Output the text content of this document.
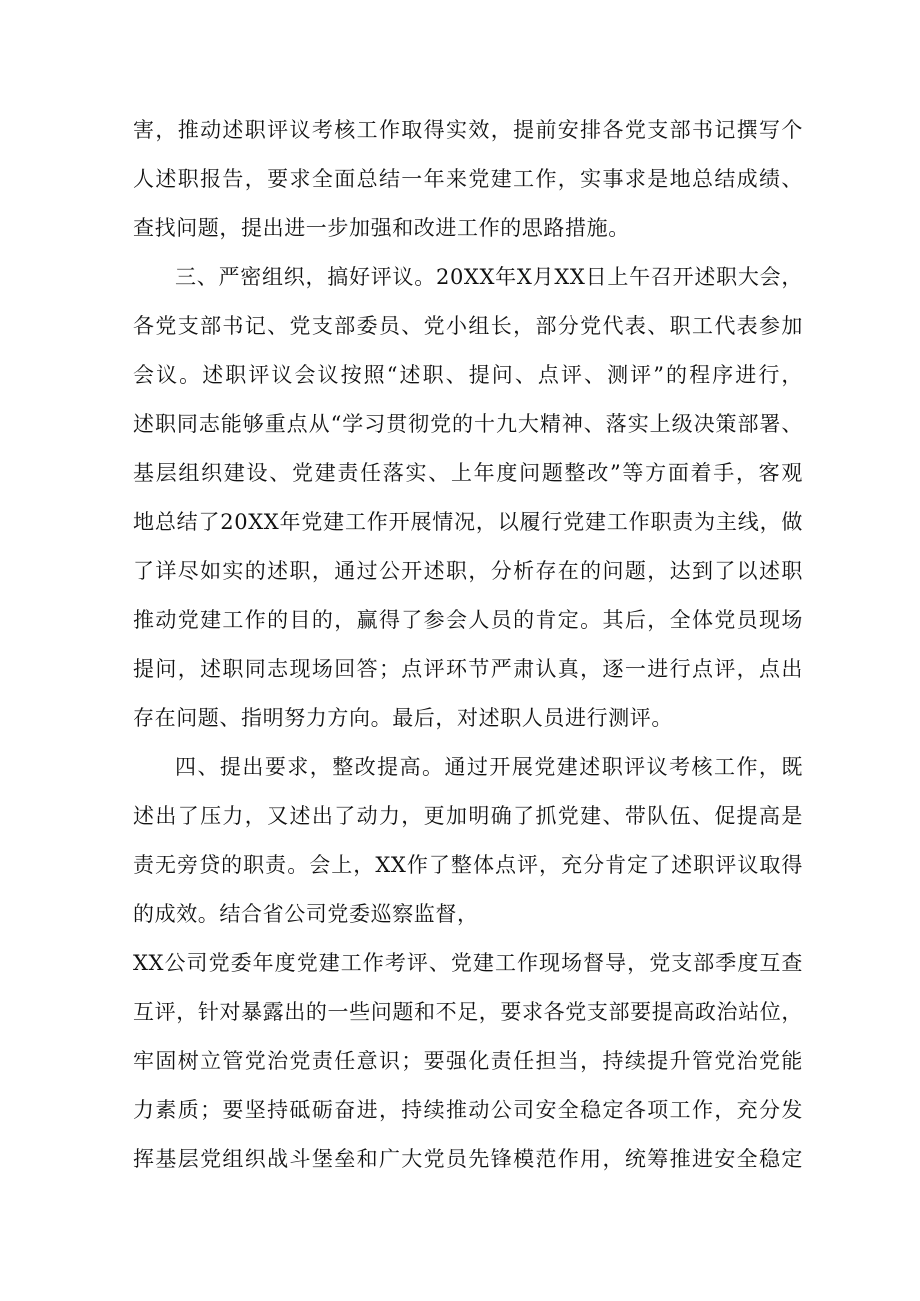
害，推动述职评议考核工作取得实效，提前安排各党支部书记撰写个
人述职报告，要求全面总结一年来党建工作，实事求是地总结成绩、
查找问题，提出进一步加强和改进工作的思路措施。
三、严密组织，搞好评议。20XX年X月XX日上午召开述职大会，
各党支部书记、党支部委员、党小组长，部分党代表、职工代表参加
会议。述职评议会议按照“述职、提问、点评、测评”的程序进行，
述职同志能够重点从“学习贯彻党的十九大精神、落实上级决策部署、
基层组织建设、党建责任落实、上年度问题整改”等方面着手，客观
地总结了20XX年党建工作开展情况，以履行党建工作职责为主线，做
了详尽如实的述职，通过公开述职，分析存在的问题，达到了以述职
推动党建工作的目的，赢得了参会人员的肯定。其后，全体党员现场
提问，述职同志现场回答；点评环节严肃认真，逐一进行点评，点出
存在问题、指明努力方向。最后，对述职人员进行测评。
四、提出要求，整改提高。通过开展党建述职评议考核工作，既
述出了压力，又述出了动力，更加明确了抓党建、带队伍、促提高是
责无旁贷的职责。会上，XX作了整体点评，充分肯定了述职评议取得
的成效。结合省公司党委巡察监督，
XX公司党委年度党建工作考评、党建工作现场督导，党支部季度互查
互评，针对暴露出的一些问题和不足，要求各党支部要提高政治站位，
牢固树立管党治党责任意识；要强化责任担当，持续提升管党治党能
力素质；要坚持砥砺奋进，持续推动公司安全稳定各项工作，充分发
挥基层党组织战斗堡垒和广大党员先锋模范作用，统筹推进安全稳定
